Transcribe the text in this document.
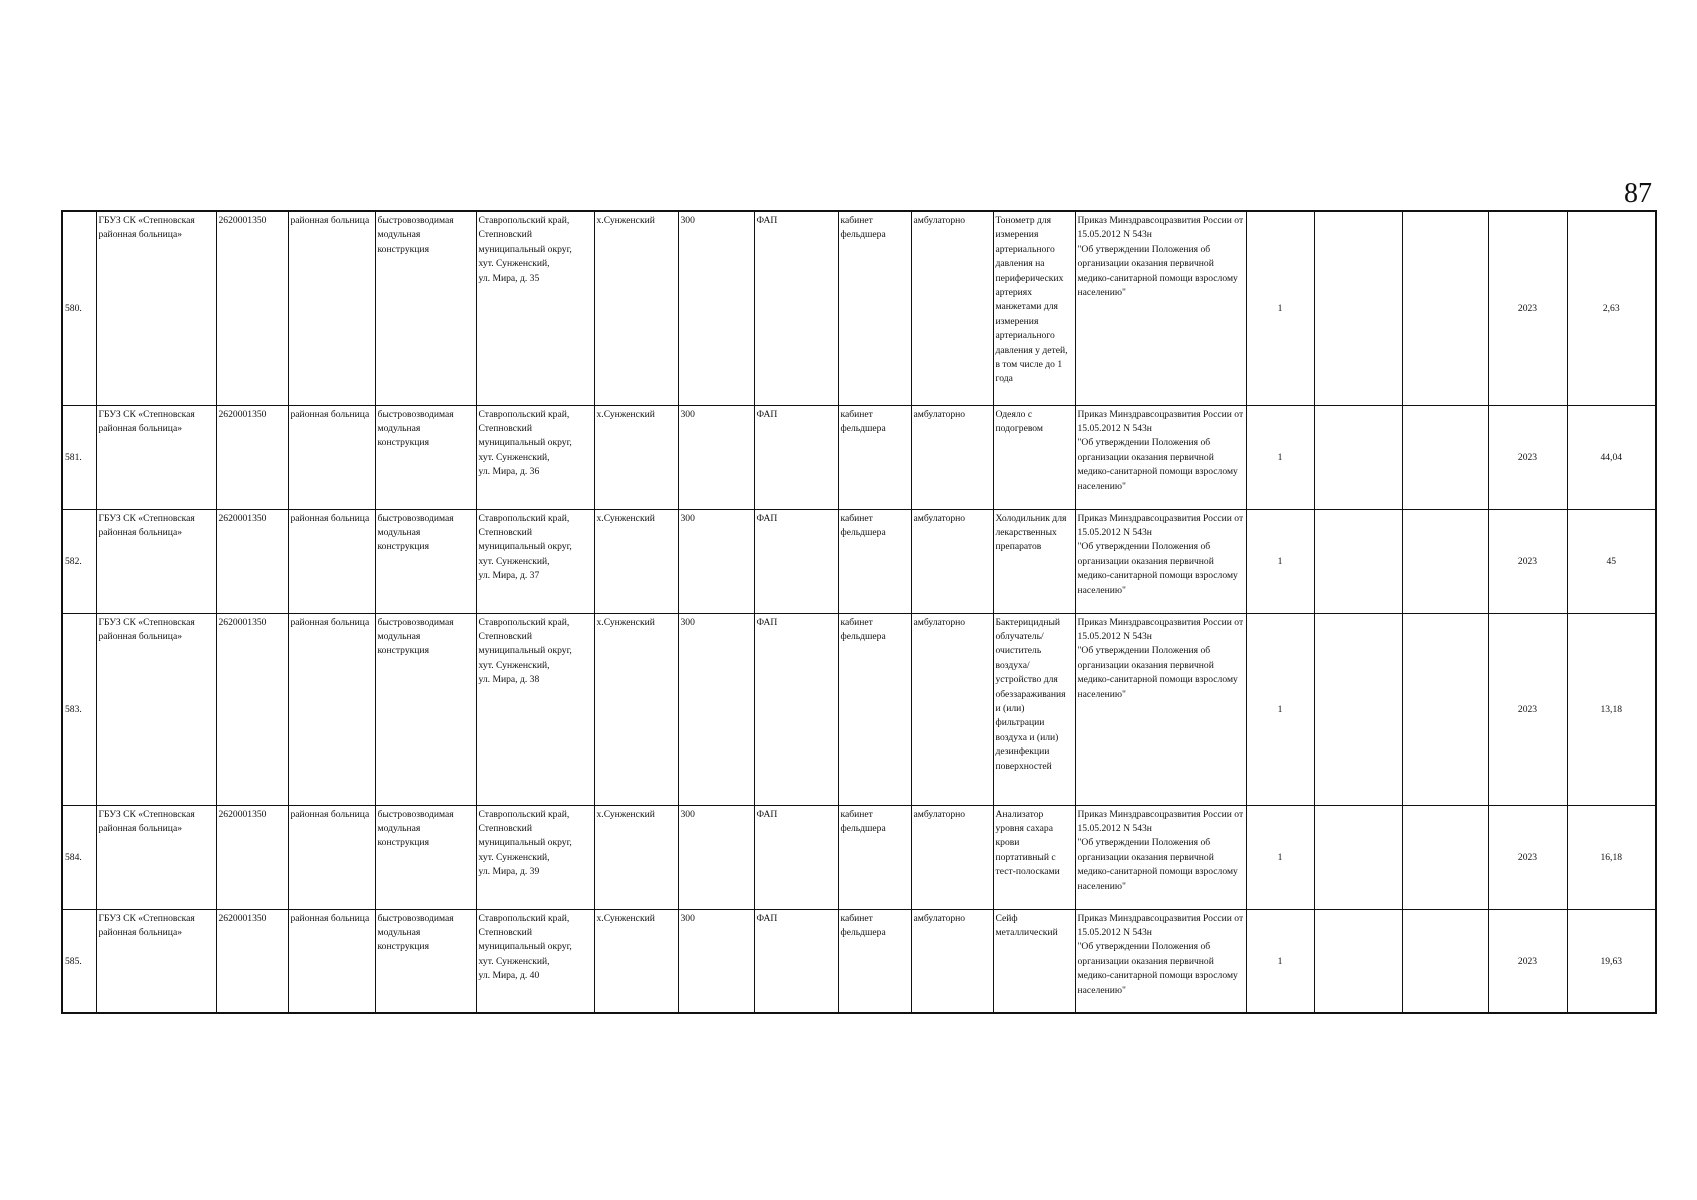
87
580.	ГБУЗ СК «Степновская районная больница»	2620001350	районная больница	быстровозводимая модульная конструкция	Ставропольский край,
Степновский
муниципальный округ,
хут. Сунженский,
ул. Мира, д. 35	х.Сунженский	300	ФАП	кабинет фельдшера	амбулаторно	Тонометр для измерения артериального давления на периферических артериях манжетами для измерения артериального давления у детей, в том числе до 1 года	Приказ Минздравсоцразвития России от 15.05.2012 N 543н
"Об утверждении Положения об организации оказания первичной медико-санитарной помощи взрослому населению"	1			2023	2,63
581.	ГБУЗ СК «Степновская районная больница»	2620001350	районная больница	быстровозводимая модульная конструкция	Ставропольский край,
Степновский
муниципальный округ,
хут. Сунженский,
ул. Мира, д. 36	х.Сунженский	300	ФАП	кабинет фельдшера	амбулаторно	Одеяло с подогревом	Приказ Минздравсоцразвития России от 15.05.2012 N 543н
"Об утверждении Положения об организации оказания первичной медико-санитарной помощи взрослому населению"	1			2023	44,04
582.	ГБУЗ СК «Степновская районная больница»	2620001350	районная больница	быстровозводимая модульная конструкция	Ставропольский край,
Степновский
муниципальный округ,
хут. Сунженский,
ул. Мира, д. 37	х.Сунженский	300	ФАП	кабинет фельдшера	амбулаторно	Холодильник для лекарственных препаратов	Приказ Минздравсоцразвития России от 15.05.2012 N 543н
"Об утверждении Положения об организации оказания первичной медико-санитарной помощи взрослому населению"	1			2023	45
583.	ГБУЗ СК «Степновская районная больница»	2620001350	районная больница	быстровозводимая модульная конструкция	Ставропольский край,
Степновский
муниципальный округ,
хут. Сунженский,
ул. Мира, д. 38	х.Сунженский	300	ФАП	кабинет фельдшера	амбулаторно	Бактерицидный облучатель/очиститель воздуха/устройство для обеззараживания и (или) фильтрации воздуха и (или) дезинфекции поверхностей	Приказ Минздравсоцразвития России от 15.05.2012 N 543н
"Об утверждении Положения об организации оказания первичной медико-санитарной помощи взрослому населению"	1			2023	13,18
584.	ГБУЗ СК «Степновская районная больница»	2620001350	районная больница	быстровозводимая модульная конструкция	Ставропольский край,
Степновский
муниципальный округ,
хут. Сунженский,
ул. Мира, д. 39	х.Сунженский	300	ФАП	кабинет фельдшера	амбулаторно	Анализатор уровня сахара крови портативный с тест-полосками	Приказ Минздравсоцразвития России от 15.05.2012 N 543н
"Об утверждении Положения об организации оказания первичной медико-санитарной помощи взрослому населению"	1			2023	16,18
585.	ГБУЗ СК «Степновская районная больница»	2620001350	районная больница	быстровозводимая модульная конструкция	Ставропольский край,
Степновский
муниципальный округ,
хут. Сунженский,
ул. Мира, д. 40	х.Сунженский	300	ФАП	кабинет фельдшера	амбулаторно	Сейф металлический	Приказ Минздравсоцразвития России от 15.05.2012 N 543н
"Об утверждении Положения об организации оказания первичной медико-санитарной помощи взрослому населению"	1			2023	19,63
